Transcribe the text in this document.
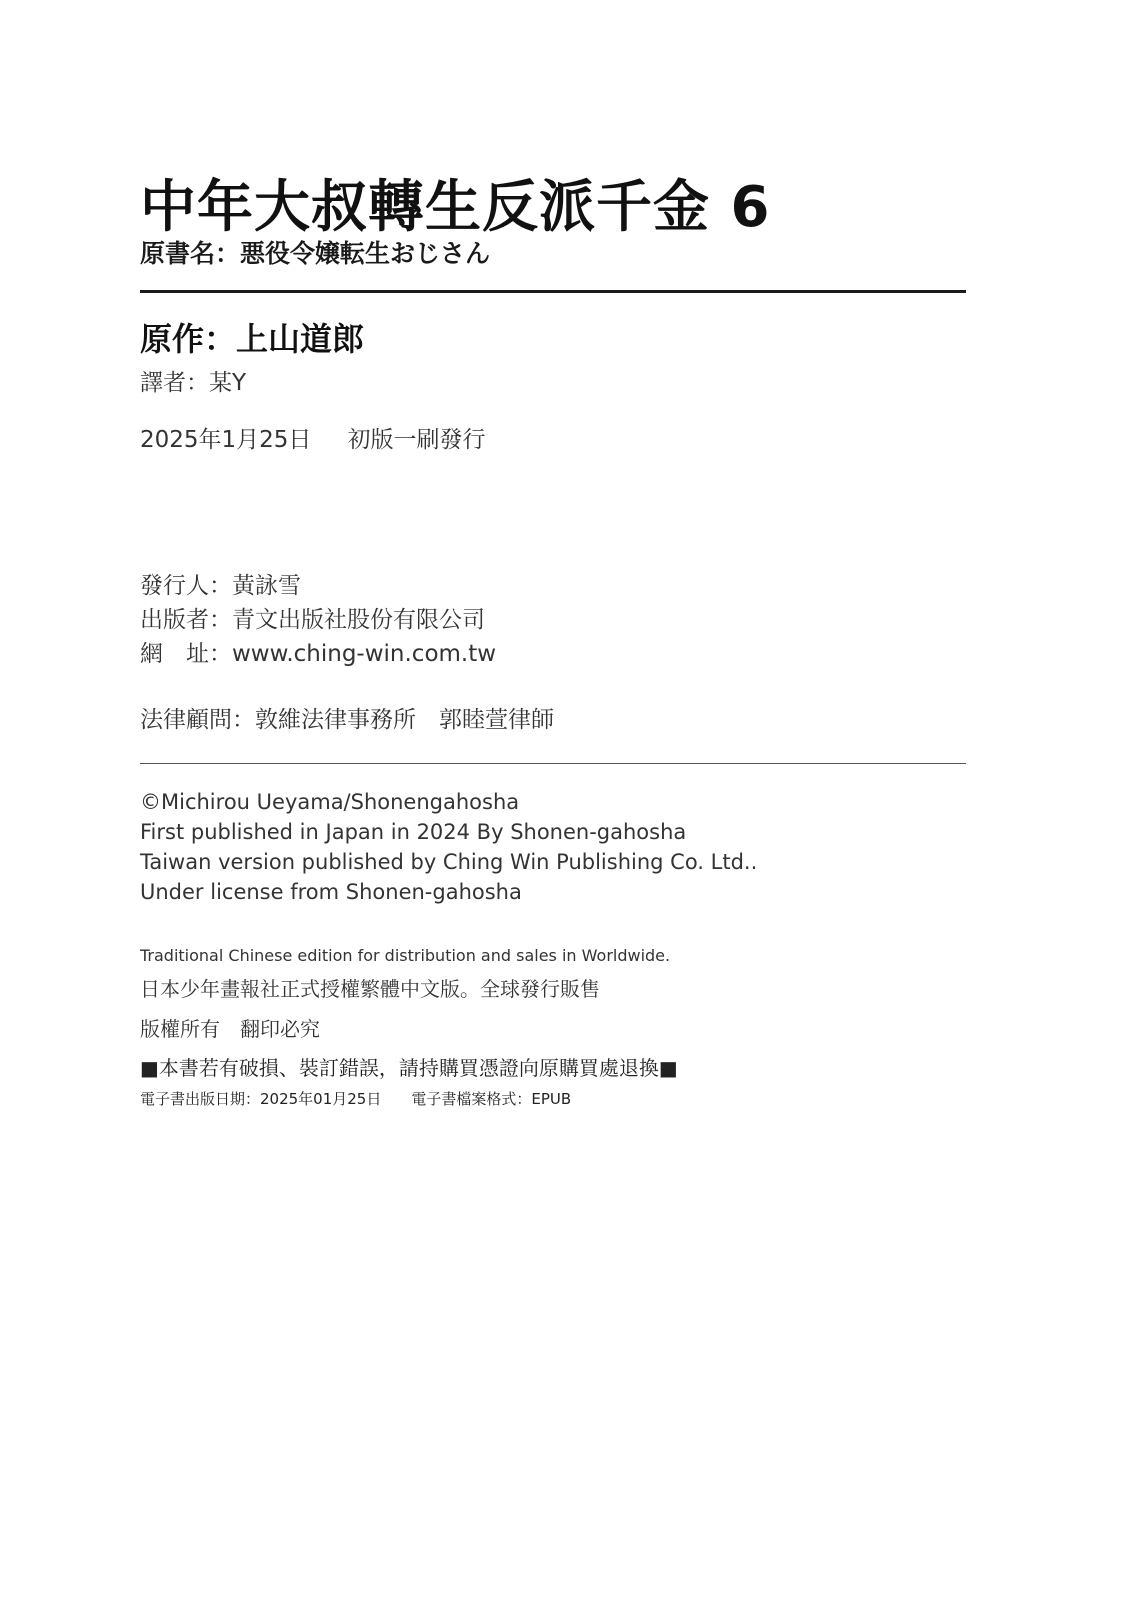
中年大叔轉生反派千金 6
原書名：悪役令嬢転生おじさん
原作：上山道郎
譯者：某Y
2025年1月25日 初版一刷發行
發行人：黃詠雪
出版者：青文出版社股份有限公司
網　址：www.ching-win.com.tw
法律顧問：敦維法律事務所　郭睦萱律師
©Michirou Ueyama/Shonengahosha
First published in Japan in 2024 By Shonen-gahosha
Taiwan version published by Ching Win Publishing Co. Ltd..
Under license from Shonen-gahosha
Traditional Chinese edition for distribution and sales in Worldwide.
日本少年畫報社正式授權繁體中文版。全球發行販售
版權所有 翻印必究
■本書若有破損、裝訂錯誤，請持購買憑證向原購買處退換■
電子書出版日期：2025年01月25日 電子書檔案格式：EPUB
